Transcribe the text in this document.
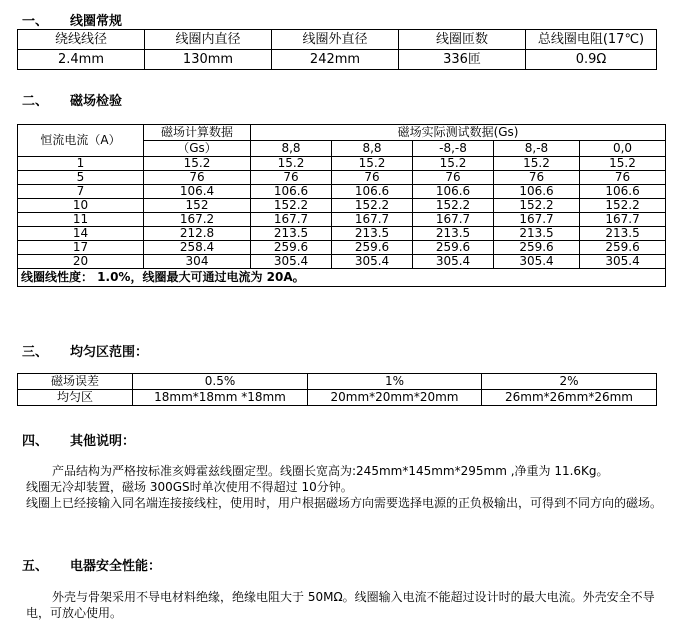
一、 线圈常规
绕线线径	线圈内直径	线圈外直径	线圈匝数	总线圈电阻(17℃)
2.4mm	130mm	242mm	336匝	0.9Ω
二、 磁场检验
恒流电流（A）	磁场计算数据	磁场实际测试数据(Gs)				
	（Gs）	8,8	8,8	-8,-8	8,-8	0,0
1	15.2	15.2	15.2	15.2	15.2	15.2
5	76	76	76	76	76	76
7	106.4	106.6	106.6	106.6	106.6	106.6
10	152	152.2	152.2	152.2	152.2	152.2
11	167.2	167.7	167.7	167.7	167.7	167.7
14	212.8	213.5	213.5	213.5	213.5	213.5
17	258.4	259.6	259.6	259.6	259.6	259.6
20	304	305.4	305.4	305.4	305.4	305.4
线圈线性度： 1.0%，线圈最大可通过电流为 20A。						
三、 均匀区范围：
磁场误差	0.5%	1%	2%
均匀区	18mm*18mm *18mm	20mm*20mm*20mm	26mm*26mm*26mm
四、 其他说明：

产品结构为严格按标准亥姆霍兹线圈定型。线圈长宽高为:245mm*145mm*295mm ,净重为 11.6Kg。

线圈无冷却装置，磁场 300GS时单次使用不得超过 10分钟。

线圈上已经接输入同名端连接接线柱，使用时，用户根据磁场方向需要选择电源的正负极输出，可得到不同方向的磁场。

五、 电器安全性能：

外壳与骨架采用不导电材料绝缘，绝缘电阻大于 50MΩ。线圈输入电流不能超过设计时的最大电流。外壳安全不导电，可放心使用。
